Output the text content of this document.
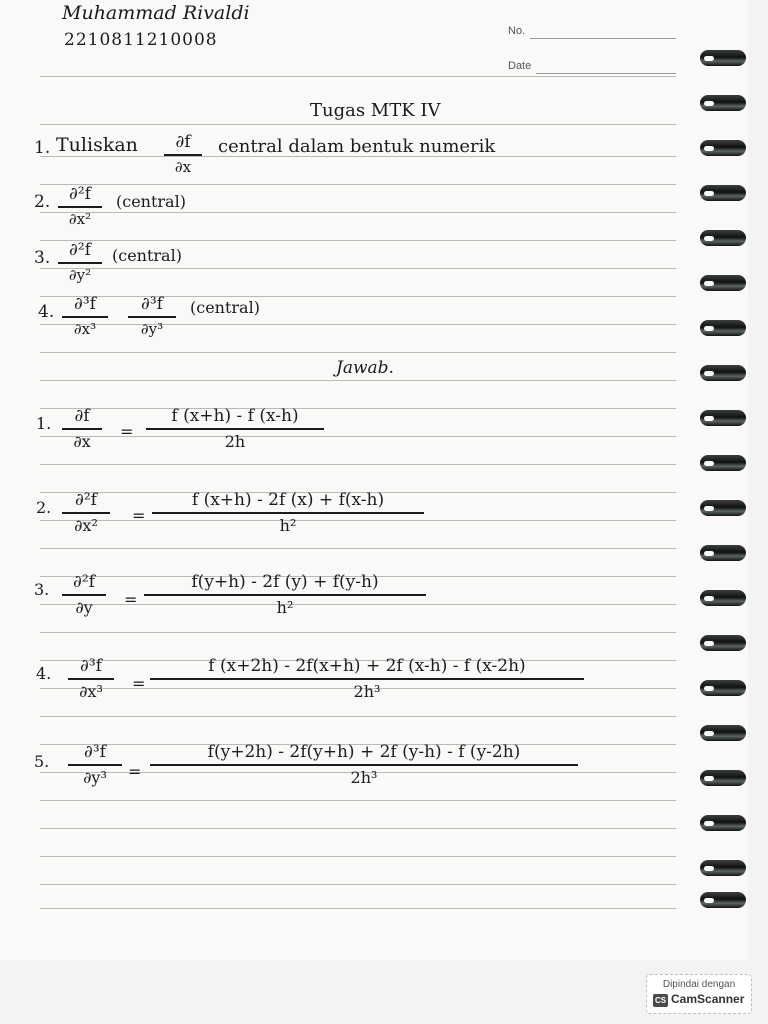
Muhammad Rivaldi
2210811210008	No.
Date
Tugas MTK IV
1. Tuliskan	∂f
∂x
central dalam bentuk numerik
2.	∂²f
∂x²
(central)
3.	∂²f
∂y²
(central)
4.	∂³f
∂x³
∂³f
∂y³
(central)
Jawab.
1.	∂f
∂x
=
f (x+h) - f (x-h)
2h
2.	∂²f
∂x²
=
f (x+h) - 2f (x) + f(x-h)
h²
3.	∂²f
∂y	=
f(y+h) - 2f (y) + f(y-h)
h²
4.	∂³f
∂x³	=
f (x+2h) - 2f(x+h) + 2f (x-h) - f (x-2h)
2h³
5.	∂³f
∂y³	=
f(y+2h) - 2f(y+h) + 2f (y-h) - f (y-2h)
2h³
Dipindai dengan
CS CamScanner
